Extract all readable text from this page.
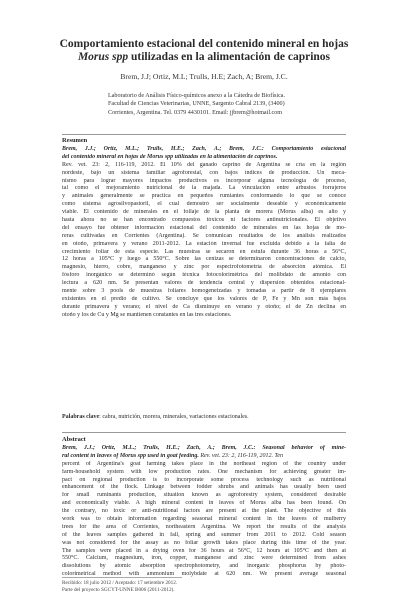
Comportamiento estacional del contenido mineral en hojas
Morus spp utilizadas en la alimentación de caprinos
Brem, J.J; Ortiz, M.L; Trulls, H.E; Zach, A; Brem, J.C.
Laboratorio de Análisis Físico-químicos anexo a la Cátedra de Biofísica.
Facultad de Ciencias Veterinarias, UNNE, Sargento Cabral 2139, (3400)
Corrientes, Argentina. Tel. 0379 4430101. Email: jjbrem@hotmail.com
Resumen
Brem, J.J.; Ortiz, M.L.; Trulls, H.E.; Zach, A.; Brem, J.C.: Comportamiento estacional
del contenido mineral en hojas de Morus spp utilizadas en la alimentación de caprinos.
Rev. vet. 23: 2, 116-119, 2012. El 10% del ganado caprino de Argentina se cría en la región
nordeste, bajo un sistema familiar agroforestal, con bajos índices de producción. Un meca-
nismo para lograr mayores impactos productivos es incorporar alguna tecnología de proceso,
tal como el mejoramiento nutricional de la majada. La vinculación entre arbustos forrajeros
y animales generalmente se practica en pequeños rumiantes conformando lo que se conoce
como sistema agrosilvopastoril, el cual demostró ser socialmente deseable y económicamente
viable. El contenido de minerales en el follaje de la planta de morera (Morus alba) es alto y
hasta ahora no se han encontrado compuestos tóxicos ni factores antinutricionales. El objetivo
del ensayo fue obtener información estacional del contenido de minerales en las hojas de mo-
reras cultivadas en Corrientes (Argentina). Se comunican resultados de los análisis realizados
en otoño, primavera y verano 2011-2012. La estación invernal fue excluida debido a la falta de
crecimiento foliar de esta especie. Las muestras se secaron en estufa durante 36 horas a 56°C,
12 horas a 105°C y luego a 550°C. Sobre las cenizas se determinaron concentraciones de calcio,
magnesio, hierro, cobre, manganeso y zinc por espectrofotometría de absorción atómica. El
fósforo inorgánico se determinó según técnica fotocolorimétrica del molibdato de amonio con
lectura a 620 nm. Se presentan valores de tendencia central y dispersión obtenidos estacional-
mente sobre 3 pools de muestras foliares homogeneizadas y tomadas a partir de 8 ejemplares
existentes en el predio de cultivo. Se concluye que los valores de P, Fe y Mn son más bajos
durante primavera y verano; el nivel de Ca disminuye en verano y otoño; el de Zn declina en
otoño y los de Cu y Mg se mantienen constantes en las tres estaciones.
Palabras clave: cabra, nutrición, morera, minerales, variaciones estacionales.
Abstract
Brem, J.J.; Ortiz, M.L.; Trulls, H.E.; Zach, A.; Brem, J.C.: Seasonal behavior of mine-
ral content in leaves of Morus spp used in goat feeding. Rev. vet. 23: 2, 116-119, 2012. Ten
percent of Argentina's goat farming takes place in the northeast region of the country under
farm-household system with low production rates. One mechanism for achieving greater im-
pact on regional production is to incorporate some process technology such as nutritional
enhancement of the flock. Linkage between fodder shrubs and animals has usually been used
for small ruminants production, situation known as agroforestry system, considered desirable
and economically viable. A high mineral content in leaves of Morus alba has been found. On
the contrary, no toxic or anti-nutritional factors are present at the plant. The objective of this
work was to obtain information regarding seasonal mineral content in the leaves of mulberry
trees for the area of Corrientes, northeastern Argentina. We report the results of the analysis
of the leaves samples gathered in fall, spring and summer from 2011 to 2012. Cold season
was not considered for the assay as no foliar growth takes place during this time of the year.
The samples were placed in a drying oven for 36 hours at 56°C, 12 hours at 105°C and then at
550°C. Calcium, magnesium, iron, copper, manganese and zinc were determined from ashes
dissolutions by atomic absorption spectrophotometry, and inorganic phosphorus by photo-
colorimetrical method with ammonium molybdate at 620 nm. We present average seasonal
Recibido: 18 julio 2012 / Aceptado: 17 setiembre 2012.
Parte del proyecto SGCYT-UNNE B006 (2011-2012).
